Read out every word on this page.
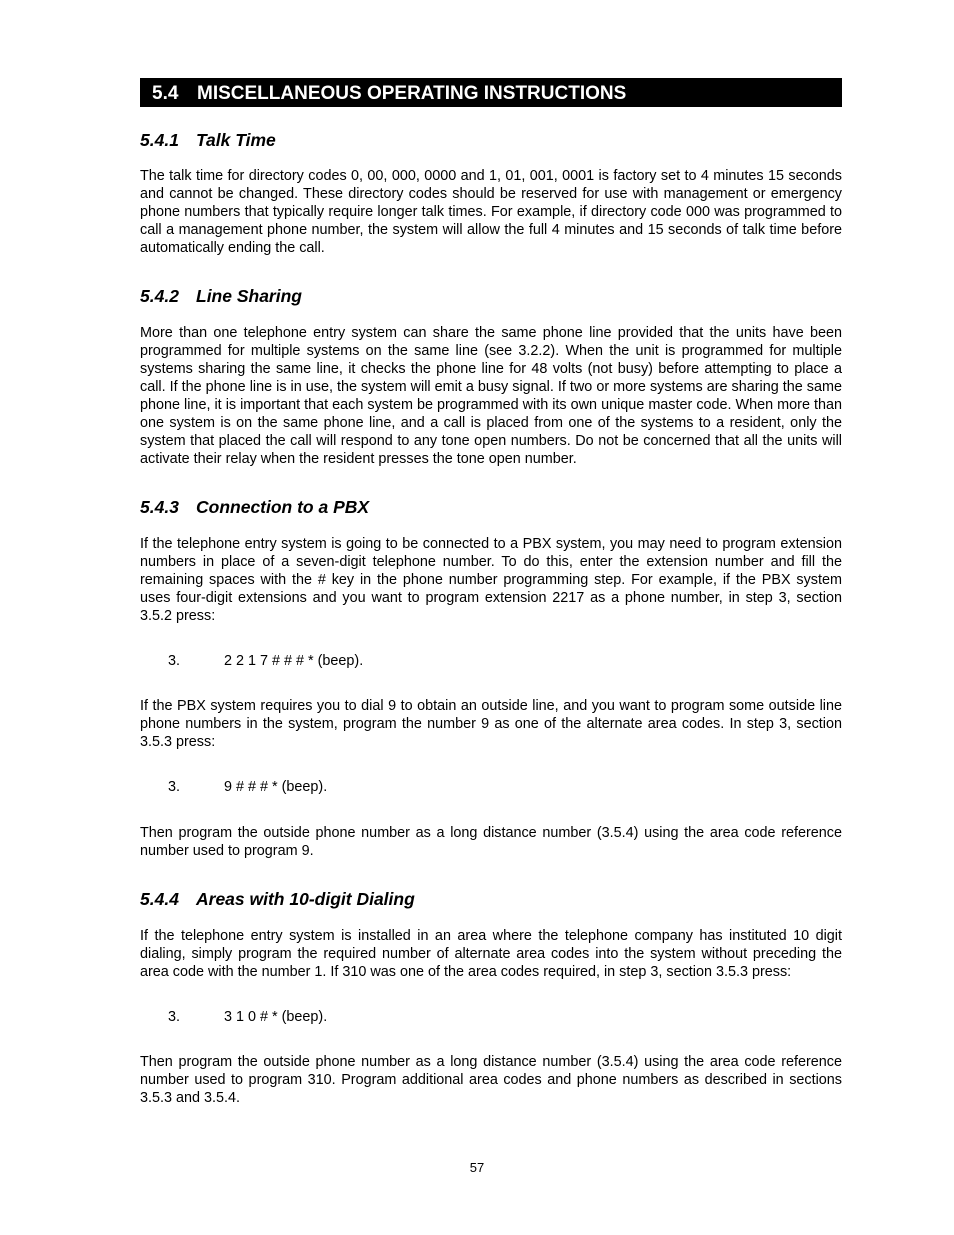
5.4 MISCELLANEOUS OPERATING INSTRUCTIONS
5.4.1 Talk Time

The talk time for directory codes 0, 00, 000, 0000 and 1, 01, 001, 0001 is factory set to 4 minutes 15 seconds and cannot be changed. These directory codes should be reserved for use with management or emergency phone numbers that typically require longer talk times. For example, if directory code 000 was programmed to call a management phone number, the system will allow the full 4 minutes and 15 seconds of talk time before automatically ending the call.

5.4.2 Line Sharing

More than one telephone entry system can share the same phone line provided that the units have been programmed for multiple systems on the same line (see 3.2.2). When the unit is programmed for multiple systems sharing the same line, it checks the phone line for 48 volts (not busy) before attempting to place a call. If the phone line is in use, the system will emit a busy signal. If two or more systems are sharing the same phone line, it is important that each system be programmed with its own unique master code. When more than one system is on the same phone line, and a call is placed from one of the systems to a resident, only the system that placed the call will respond to any tone open numbers. Do not be concerned that all the units will activate their relay when the resident presses the tone open number.

5.4.3 Connection to a PBX

If the telephone entry system is going to be connected to a PBX system, you may need to program extension numbers in place of a seven-digit telephone number. To do this, enter the extension number and fill the remaining spaces with the # key in the phone number programming step. For example, if the PBX system uses four-digit extensions and you want to program extension 2217 as a phone number, in step 3, section 3.5.2 press:

3.	2 2 1 7 # # # * (beep).

If the PBX system requires you to dial 9 to obtain an outside line, and you want to program some outside line phone numbers in the system, program the number 9 as one of the alternate area codes. In step 3, section 3.5.3 press:

3.	9 # # # * (beep).

Then program the outside phone number as a long distance number (3.5.4) using the area code reference number used to program 9.

5.4.4 Areas with 10-digit Dialing

If the telephone entry system is installed in an area where the telephone company has instituted 10 digit dialing, simply program the required number of alternate area codes into the system without preceding the area code with the number 1. If 310 was one of the area codes required, in step 3, section 3.5.3 press:

3.	3 1 0 # * (beep).

Then program the outside phone number as a long distance number (3.5.4) using the area code reference number used to program 310. Program additional area codes and phone numbers as described in sections 3.5.3 and 3.5.4.

57
